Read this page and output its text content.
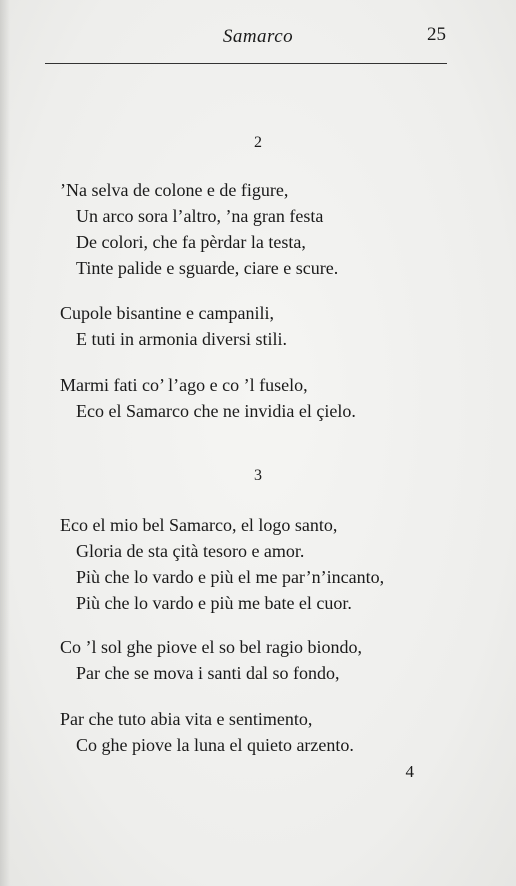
Samarco	25
2
’Na selva de colone e de figure,
Un arco sora l’altro, ’na gran festa
De colori, che fa pèrdar la testa,
Tinte palide e sguarde, ciare e scure.
Cupole bisantine e campanili,
E tuti in armonia diversi stili.
Marmi fati co’ l’ago e co ’l fuselo,
Eco el Samarco che ne invidia el çielo.
3
Eco el mio bel Samarco, el logo santo,
Gloria de sta çità tesoro e amor.
Più che lo vardo e più el me par’n’incanto,
Più che lo vardo e più me bate el cuor.
Co ’l sol ghe piove el so bel ragio biondo,
Par che se mova i santi dal so fondo,
Par che tuto abia vita e sentimento,
Co ghe piove la luna el quieto arzento.
4
